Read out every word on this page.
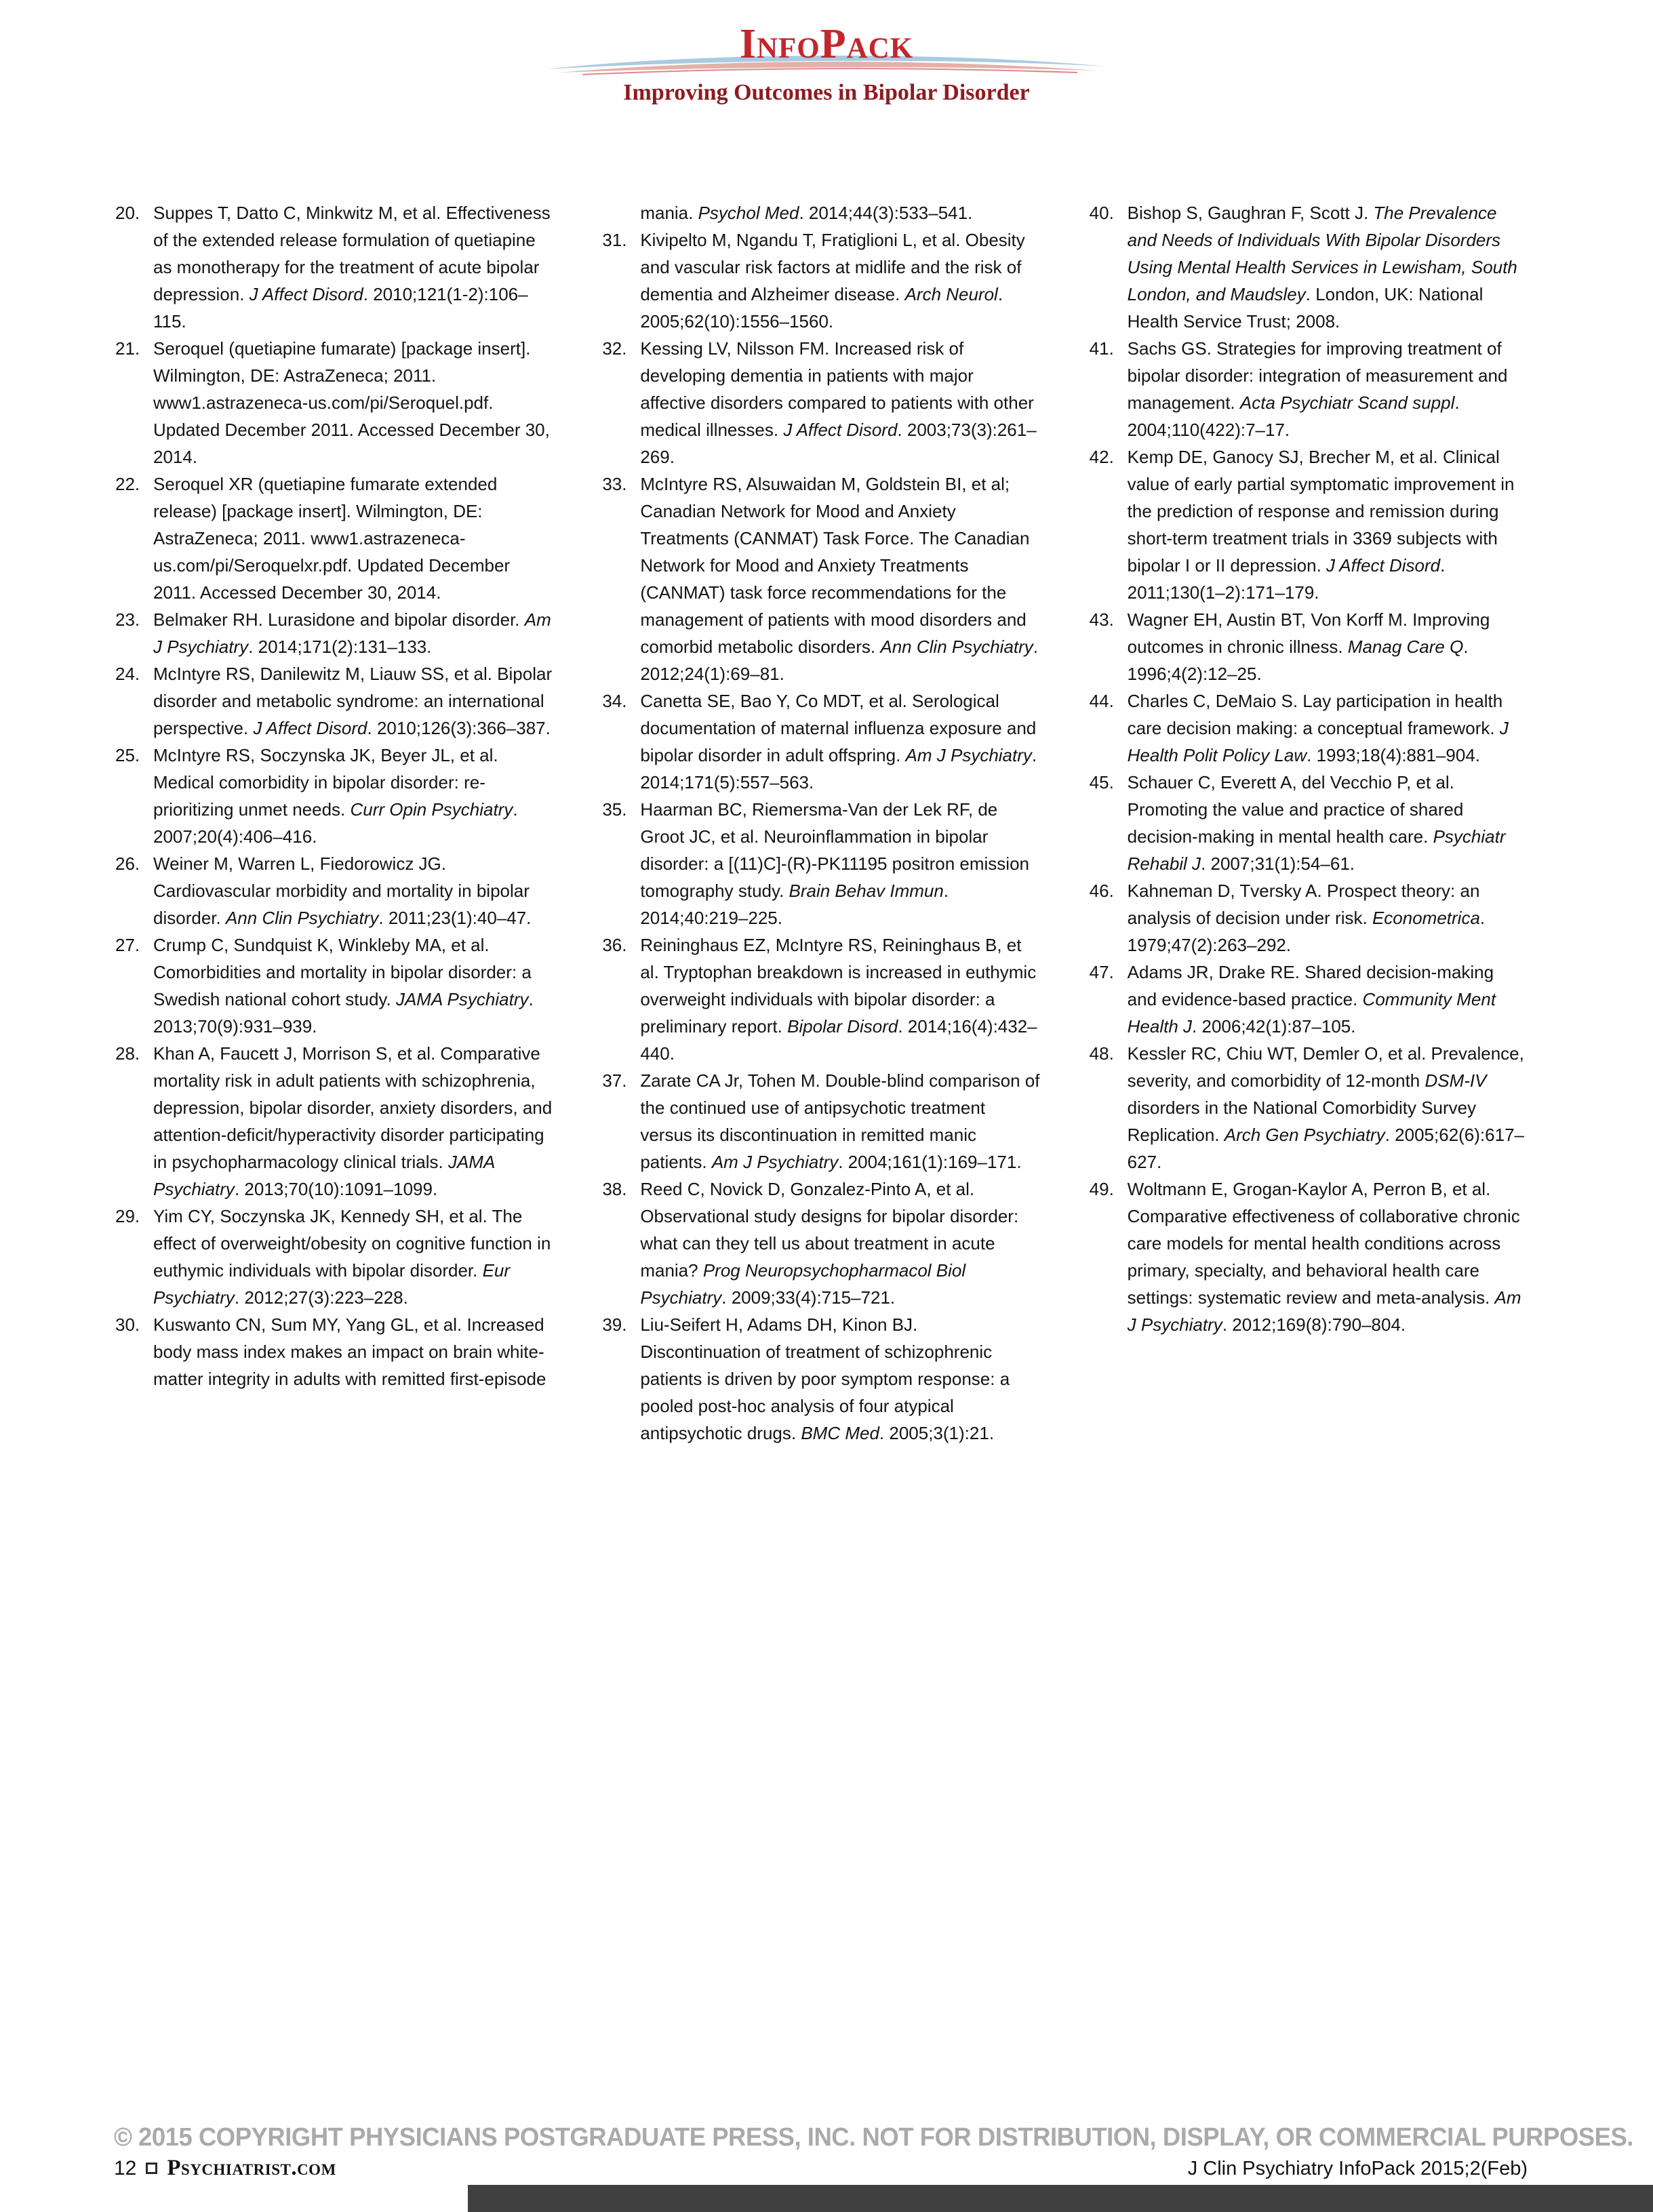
InfoPack
Improving Outcomes in Bipolar Disorder
20. Suppes T, Datto C, Minkwitz M, et al. Effectiveness of the extended release formulation of quetiapine as monotherapy for the treatment of acute bipolar depression. J Affect Disord. 2010;121(1-2):106–115.
21. Seroquel (quetiapine fumarate) [package insert]. Wilmington, DE: AstraZeneca; 2011. www1.astrazeneca-us.com/pi/Seroquel.pdf. Updated December 2011. Accessed December 30, 2014.
22. Seroquel XR (quetiapine fumarate extended release) [package insert]. Wilmington, DE: AstraZeneca; 2011. www1.astrazeneca-us.com/pi/Seroquelxr.pdf. Updated December 2011. Accessed December 30, 2014.
23. Belmaker RH. Lurasidone and bipolar disorder. Am J Psychiatry. 2014;171(2):131–133.
24. McIntyre RS, Danilewitz M, Liauw SS, et al. Bipolar disorder and metabolic syndrome: an international perspective. J Affect Disord. 2010;126(3):366–387.
25. McIntyre RS, Soczynska JK, Beyer JL, et al. Medical comorbidity in bipolar disorder: re-prioritizing unmet needs. Curr Opin Psychiatry. 2007;20(4):406–416.
26. Weiner M, Warren L, Fiedorowicz JG. Cardiovascular morbidity and mortality in bipolar disorder. Ann Clin Psychiatry. 2011;23(1):40–47.
27. Crump C, Sundquist K, Winkleby MA, et al. Comorbidities and mortality in bipolar disorder: a Swedish national cohort study. JAMA Psychiatry. 2013;70(9):931–939.
28. Khan A, Faucett J, Morrison S, et al. Comparative mortality risk in adult patients with schizophrenia, depression, bipolar disorder, anxiety disorders, and attention-deficit/hyperactivity disorder participating in psychopharmacology clinical trials. JAMA Psychiatry. 2013;70(10):1091–1099.
29. Yim CY, Soczynska JK, Kennedy SH, et al. The effect of overweight/obesity on cognitive function in euthymic individuals with bipolar disorder. Eur Psychiatry. 2012;27(3):223–228.
30. Kuswanto CN, Sum MY, Yang GL, et al. Increased body mass index makes an impact on brain white-matter integrity in adults with remitted first-episode
mania. Psychol Med. 2014;44(3):533–541.
31. Kivipelto M, Ngandu T, Fratiglioni L, et al. Obesity and vascular risk factors at midlife and the risk of dementia and Alzheimer disease. Arch Neurol. 2005;62(10):1556–1560.
32. Kessing LV, Nilsson FM. Increased risk of developing dementia in patients with major affective disorders compared to patients with other medical illnesses. J Affect Disord. 2003;73(3):261–269.
33. McIntyre RS, Alsuwaidan M, Goldstein BI, et al; Canadian Network for Mood and Anxiety Treatments (CANMAT) Task Force. The Canadian Network for Mood and Anxiety Treatments (CANMAT) task force recommendations for the management of patients with mood disorders and comorbid metabolic disorders. Ann Clin Psychiatry. 2012;24(1):69–81.
34. Canetta SE, Bao Y, Co MDT, et al. Serological documentation of maternal influenza exposure and bipolar disorder in adult offspring. Am J Psychiatry. 2014;171(5):557–563.
35. Haarman BC, Riemersma-Van der Lek RF, de Groot JC, et al. Neuroinflammation in bipolar disorder: a [(11)C]-(R)-PK11195 positron emission tomography study. Brain Behav Immun. 2014;40:219–225.
36. Reininghaus EZ, McIntyre RS, Reininghaus B, et al. Tryptophan breakdown is increased in euthymic overweight individuals with bipolar disorder: a preliminary report. Bipolar Disord. 2014;16(4):432–440.
37. Zarate CA Jr, Tohen M. Double-blind comparison of the continued use of antipsychotic treatment versus its discontinuation in remitted manic patients. Am J Psychiatry. 2004;161(1):169–171.
38. Reed C, Novick D, Gonzalez-Pinto A, et al. Observational study designs for bipolar disorder: what can they tell us about treatment in acute mania? Prog Neuropsychopharmacol Biol Psychiatry. 2009;33(4):715–721.
39. Liu-Seifert H, Adams DH, Kinon BJ. Discontinuation of treatment of schizophrenic patients is driven by poor symptom response: a pooled post-hoc analysis of four atypical antipsychotic drugs. BMC Med. 2005;3(1):21.
40. Bishop S, Gaughran F, Scott J. The Prevalence and Needs of Individuals With Bipolar Disorders Using Mental Health Services in Lewisham, South London, and Maudsley. London, UK: National Health Service Trust; 2008.
41. Sachs GS. Strategies for improving treatment of bipolar disorder: integration of measurement and management. Acta Psychiatr Scand suppl. 2004;110(422):7–17.
42. Kemp DE, Ganocy SJ, Brecher M, et al. Clinical value of early partial symptomatic improvement in the prediction of response and remission during short-term treatment trials in 3369 subjects with bipolar I or II depression. J Affect Disord. 2011;130(1–2):171–179.
43. Wagner EH, Austin BT, Von Korff M. Improving outcomes in chronic illness. Manag Care Q. 1996;4(2):12–25.
44. Charles C, DeMaio S. Lay participation in health care decision making: a conceptual framework. J Health Polit Policy Law. 1993;18(4):881–904.
45. Schauer C, Everett A, del Vecchio P, et al. Promoting the value and practice of shared decision-making in mental health care. Psychiatr Rehabil J. 2007;31(1):54–61.
46. Kahneman D, Tversky A. Prospect theory: an analysis of decision under risk. Econometrica. 1979;47(2):263–292.
47. Adams JR, Drake RE. Shared decision-making and evidence-based practice. Community Ment Health J. 2006;42(1):87–105.
48. Kessler RC, Chiu WT, Demler O, et al. Prevalence, severity, and comorbidity of 12-month DSM-IV disorders in the National Comorbidity Survey Replication. Arch Gen Psychiatry. 2005;62(6):617–627.
49. Woltmann E, Grogan-Kaylor A, Perron B, et al. Comparative effectiveness of collaborative chronic care models for mental health conditions across primary, specialty, and behavioral health care settings: systematic review and meta-analysis. Am J Psychiatry. 2012;169(8):790–804.
© 2015 COPYRIGHT PHYSICIANS POSTGRADUATE PRESS, INC. NOT FOR DISTRIBUTION, DISPLAY, OR COMMERCIAL PURPOSES.
12 Psychiatrist.com	J Clin Psychiatry InfoPack 2015;2(Feb)
